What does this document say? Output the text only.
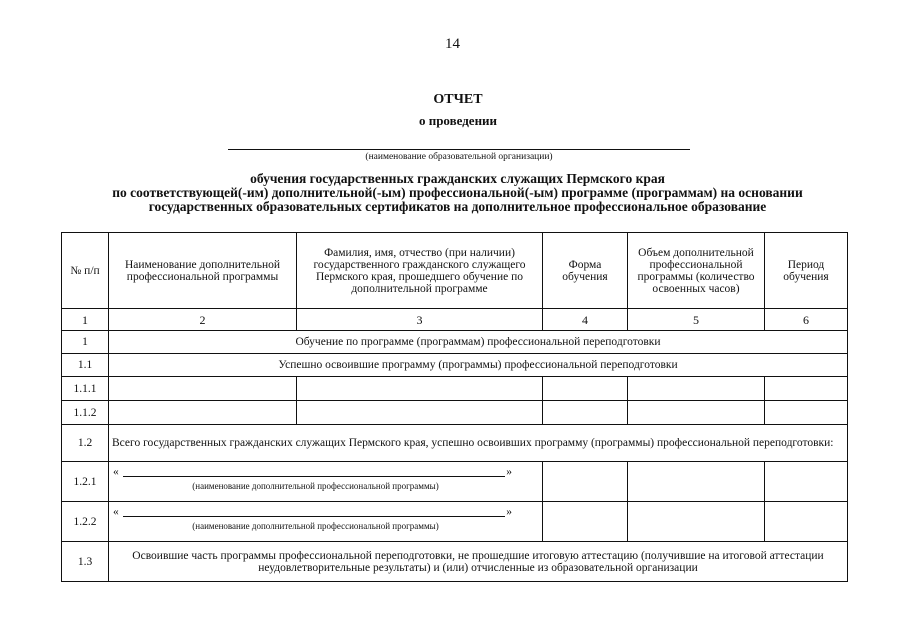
14
ОТЧЕТ
о проведении
(наименование образовательной организации)
обучения государственных гражданских служащих Пермского края
по соответствующей(-им) дополнительной(-ым) профессиональной(-ым) программе (программам) на основании
государственных образовательных сертификатов на дополнительное профессиональное образование
№ п/п	Наименование дополнительной профессиональной программы	Фамилия, имя, отчество (при наличии) государственного гражданского служащего Пермского края, прошедшего обучение по дополнительной программе	Форма обучения	Объем дополнительной профессиональной программы (количество освоенных часов)	Период обучения
1	2	3	4	5	6
1	Обучение по программе (программам) профессиональной переподготовки				
1.1	Успешно освоившие программу (программы) профессиональной переподготовки				
1.1.1					
1.1.2					
1.2	Всего государственных гражданских служащих Пермского края, успешно освоивших программу (программы) профессиональной переподготовки:				
1.2.1	« »
(наименование дополнительной профессиональной программы)				

1.2.2	« »
(наименование дополнительной профессиональной программы)				

1.3	Освоившие часть программы профессиональной переподготовки, не прошедшие итоговую аттестацию (получившие на итоговой аттестации неудовлетворительные результаты) и (или) отчисленные из образовательной организации				
